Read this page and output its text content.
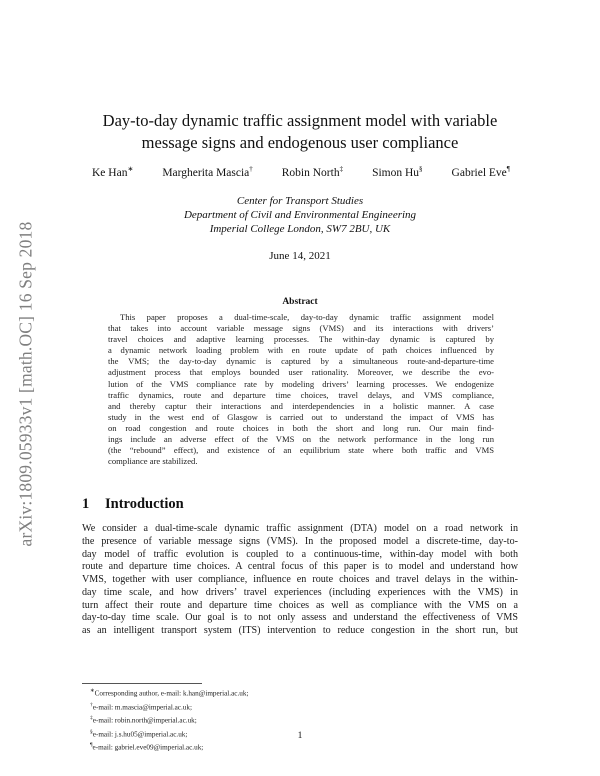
arXiv:1809.05933v1 [math.OC] 16 Sep 2018
Day-to-day dynamic traffic assignment model with variable
message signs and endogenous user compliance
Ke Han∗	Margherita Mascia†	Robin North‡	Simon Hu§	Gabriel Eve¶
Center for Transport Studies
Department of Civil and Environmental Engineering
Imperial College London, SW7 2BU, UK
June 14, 2021
Abstract
This paper proposes a dual-time-scale, day-to-day dynamic traffic assignment model
that takes into account variable message signs (VMS) and its interactions with drivers’
travel choices and adaptive learning processes. The within-day dynamic is captured by
a dynamic network loading problem with en route update of path choices influenced by
the VMS; the day-to-day dynamic is captured by a simultaneous route-and-departure-time
adjustment process that employs bounded user rationality. Moreover, we describe the evo-
lution of the VMS compliance rate by modeling drivers’ learning processes. We endogenize
traffic dynamics, route and departure time choices, travel delays, and VMS compliance,
and thereby captur their interactions and interdependencies in a holistic manner. A case
study in the west end of Glasgow is carried out to understand the impact of VMS has
on road congestion and route choices in both the short and long run. Our main find-
ings include an adverse effect of the VMS on the network performance in the long run
(the “rebound” effect), and existence of an equilibrium state where both traffic and VMS
compliance are stabilized.
1 Introduction
We consider a dual-time-scale dynamic traffic assignment (DTA) model on a road network in
the presence of variable message signs (VMS). In the proposed model a discrete-time, day-to-
day model of traffic evolution is coupled to a continuous-time, within-day model with both
route and departure time choices. A central focus of this paper is to model and understand how
VMS, together with user compliance, influence en route choices and travel delays in the within-
day time scale, and how drivers’ travel experiences (including experiences with the VMS) in
turn affect their route and departure time choices as well as compliance with the VMS on a
day-to-day time scale. Our goal is to not only assess and understand the effectiveness of VMS
as an intelligent transport system (ITS) intervention to reduce congestion in the short run, but
∗Corresponding author, e-mail: k.han@imperial.ac.uk;
†e-mail: m.mascia@imperial.ac.uk;
‡e-mail: robin.north@imperial.ac.uk;
§e-mail: j.s.hu05@imperial.ac.uk;
¶e-mail: gabriel.eve09@imperial.ac.uk;
1
